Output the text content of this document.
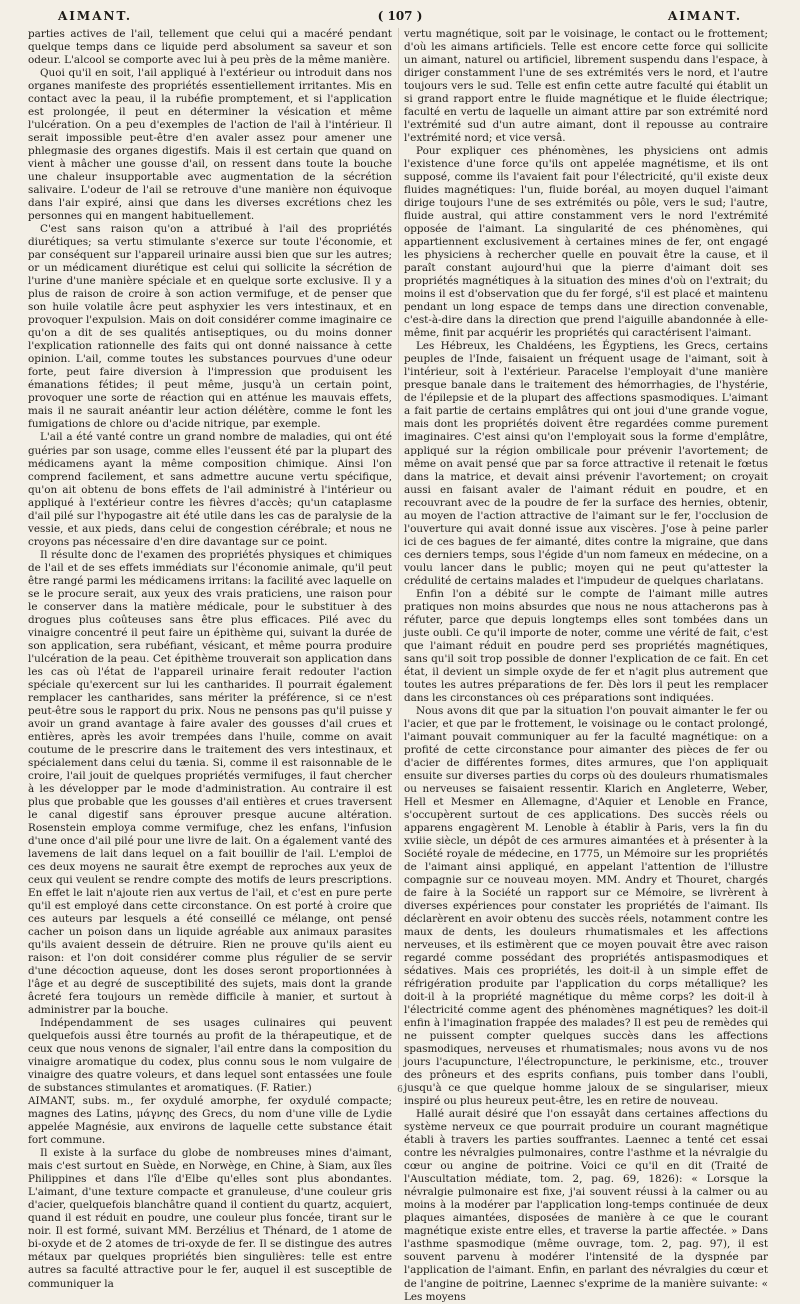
AIMANT.	( 107 )	AIMANT.

parties actives de l'ail, tellement que celui qui a macéré pendant quelque temps dans ce liquide perd absolument sa saveur et son odeur. L'alcool se comporte avec lui à peu près de la même manière.

Quoi qu'il en soit, l'ail appliqué à l'extérieur ou introduit dans nos organes manifeste des propriétés essentiellement irritantes. Mis en contact avec la peau, il la rubéfie promptement, et si l'application est prolongée, il peut en déterminer la vésication et même l'ulcération. On a peu d'exemples de l'action de l'ail à l'intérieur. Il serait impossible peut-être d'en avaler assez pour amener une phlegmasie des organes digestifs. Mais il est certain que quand on vient à mâcher une gousse d'ail, on ressent dans toute la bouche une chaleur insupportable avec augmentation de la sécrétion salivaire. L'odeur de l'ail se retrouve d'une manière non équivoque dans l'air expiré, ainsi que dans les diverses excrétions chez les personnes qui en mangent habituellement.

C'est sans raison qu'on a attribué à l'ail des propriétés diurétiques; sa vertu stimulante s'exerce sur toute l'économie, et par conséquent sur l'appareil urinaire aussi bien que sur les autres; or un médicament diurétique est celui qui sollicite la sécrétion de l'urine d'une manière spéciale et en quelque sorte exclusive. Il y a plus de raison de croire à son action vermifuge, et de penser que son huile volatile âcre peut asphyxier les vers intestinaux, et en provoquer l'expulsion. Mais on doit considérer comme imaginaire ce qu'on a dit de ses qualités antiseptiques, ou du moins donner l'explication rationnelle des faits qui ont donné naissance à cette opinion. L'ail, comme toutes les substances pourvues d'une odeur forte, peut faire diversion à l'impression que produisent les émanations fétides; il peut même, jusqu'à un certain point, provoquer une sorte de réaction qui en atténue les mauvais effets, mais il ne saurait anéantir leur action délétère, comme le font les fumigations de chlore ou d'acide nitrique, par exemple.

L'ail a été vanté contre un grand nombre de maladies, qui ont été guéries par son usage, comme elles l'eussent été par la plupart des médicamens ayant la même composition chimique. Ainsi l'on comprend facilement, et sans admettre aucune vertu spécifique, qu'on ait obtenu de bons effets de l'ail administré à l'intérieur ou appliqué à l'extérieur contre les fièvres d'accès; qu'un cataplasme d'ail pilé sur l'hypogastre ait été utile dans les cas de paralysie de la vessie, et aux pieds, dans celui de congestion cérébrale; et nous ne croyons pas nécessaire d'en dire davantage sur ce point.

Il résulte donc de l'examen des propriétés physiques et chimiques de l'ail et de ses effets immédiats sur l'économie animale, qu'il peut être rangé parmi les médicamens irritans: la facilité avec laquelle on se le procure serait, aux yeux des vrais praticiens, une raison pour le conserver dans la matière médicale, pour le substituer à des drogues plus coûteuses sans être plus efficaces. Pilé avec du vinaigre concentré il peut faire un épithème qui, suivant la durée de son application, sera rubéfiant, vésicant, et même pourra produire l'ulcération de la peau. Cet épithème trouverait son application dans les cas où l'état de l'appareil urinaire ferait redouter l'action spéciale qu'exercent sur lui les cantharides. Il pourrait également remplacer les cantharides, sans mériter la préférence, si ce n'est peut-être sous le rapport du prix. Nous ne pensons pas qu'il puisse y avoir un grand avantage à faire avaler des gousses d'ail crues et entières, après les avoir trempées dans l'huile, comme on avait coutume de le prescrire dans le traitement des vers intestinaux, et spécialement dans celui du tænia. Si, comme il est raisonnable de le croire, l'ail jouit de quelques propriétés vermifuges, il faut chercher à les développer par le mode d'administration. Au contraire il est plus que probable que les gousses d'ail entières et crues traversent le canal digestif sans éprouver presque aucune altération. Rosenstein employa comme vermifuge, chez les enfans, l'infusion d'une once d'ail pilé pour une livre de lait. On a également vanté des lavemens de lait dans lequel on a fait bouillir de l'ail. L'emploi de ces deux moyens ne saurait être exempt de reproches aux yeux de ceux qui veulent se rendre compte des motifs de leurs prescriptions. En effet le lait n'ajoute rien aux vertus de l'ail, et c'est en pure perte qu'il est employé dans cette circonstance. On est porté à croire que ces auteurs par lesquels a été conseillé ce mélange, ont pensé cacher un poison dans un liquide agréable aux animaux parasites qu'ils avaient dessein de détruire. Rien ne prouve qu'ils aient eu raison: et l'on doit considérer comme plus régulier de se servir d'une décoction aqueuse, dont les doses seront proportionnées à l'âge et au degré de susceptibilité des sujets, mais dont la grande âcreté fera toujours un remède difficile à manier, et surtout à administrer par la bouche.

Indépendamment de ses usages culinaires qui peuvent quelquefois aussi être tournés au profit de la thérapeutique, et de ceux que nous venons de signaler, l'ail entre dans la composition du vinaigre aromatique du codex, plus connu sous le nom vulgaire de vinaigre des quatre voleurs, et dans lequel sont entassées une foule de substances stimulantes et aromatiques. (F. Ratier.)

AIMANT, subs. m., fer oxydulé amorphe, fer oxydulé compacte; magnes des Latins, μάγνης des Grecs, du nom d'une ville de Lydie appelée Magnésie, aux environs de laquelle cette substance était fort commune.

Il existe à la surface du globe de nombreuses mines d'aimant, mais c'est surtout en Suède, en Norwège, en Chine, à Siam, aux îles Philippines et dans l'île d'Elbe qu'elles sont plus abondantes. L'aimant, d'une texture compacte et granuleuse, d'une couleur gris d'acier, quelquefois blanchâtre quand il contient du quartz, acquiert, quand il est réduit en poudre, une couleur plus foncée, tirant sur le noir. Il est formé, suivant MM. Berzélius et Thénard, de 1 atome de bi-oxyde et de 2 atomes de tri-oxyde de fer. Il se distingue des autres métaux par quelques propriétés bien singulières: telle est entre autres sa faculté attractive pour le fer, auquel il est susceptible de communiquer la

vertu magnétique, soit par le voisinage, le contact ou le frottement; d'où les aimans artificiels. Telle est encore cette force qui sollicite un aimant, naturel ou artificiel, librement suspendu dans l'espace, à diriger constamment l'une de ses extrémités vers le nord, et l'autre toujours vers le sud. Telle est enfin cette autre faculté qui établit un si grand rapport entre le fluide magnétique et le fluide électrique; faculté en vertu de laquelle un aimant attire par son extrémité nord l'extrémité sud d'un autre aimant, dont il repousse au contraire l'extrémité nord; et vice versâ.

Pour expliquer ces phénomènes, les physiciens ont admis l'existence d'une force qu'ils ont appelée magnétisme, et ils ont supposé, comme ils l'avaient fait pour l'électricité, qu'il existe deux fluides magnétiques: l'un, fluide boréal, au moyen duquel l'aimant dirige toujours l'une de ses extrémités ou pôle, vers le sud; l'autre, fluide austral, qui attire constamment vers le nord l'extrémité opposée de l'aimant. La singularité de ces phénomènes, qui appartiennent exclusivement à certaines mines de fer, ont engagé les physiciens à rechercher quelle en pouvait être la cause, et il paraît constant aujourd'hui que la pierre d'aimant doit ses propriétés magnétiques à la situation des mines d'où on l'extrait; du moins il est d'observation que du fer forgé, s'il est placé et maintenu pendant un long espace de temps dans une direction convenable, c'est-à-dire dans la direction que prend l'aiguille abandonnée à elle-même, finit par acquérir les propriétés qui caractérisent l'aimant.

Les Hébreux, les Chaldéens, les Égyptiens, les Grecs, certains peuples de l'Inde, faisaient un fréquent usage de l'aimant, soit à l'intérieur, soit à l'extérieur. Paracelse l'employait d'une manière presque banale dans le traitement des hémorrhagies, de l'hystérie, de l'épilepsie et de la plupart des affections spasmodiques. L'aimant a fait partie de certains emplâtres qui ont joui d'une grande vogue, mais dont les propriétés doivent être regardées comme purement imaginaires. C'est ainsi qu'on l'employait sous la forme d'emplâtre, appliqué sur la région ombilicale pour prévenir l'avortement; de même on avait pensé que par sa force attractive il retenait le fœtus dans la matrice, et devait ainsi prévenir l'avortement; on croyait aussi en faisant avaler de l'aimant réduit en poudre, et en recouvrant avec de la poudre de fer la surface des hernies, obtenir, au moyen de l'action attractive de l'aimant sur le fer, l'occlusion de l'ouverture qui avait donné issue aux viscères. J'ose à peine parler ici de ces bagues de fer aimanté, dites contre la migraine, que dans ces derniers temps, sous l'égide d'un nom fameux en médecine, on a voulu lancer dans le public; moyen qui ne peut qu'attester la crédulité de certains malades et l'impudeur de quelques charlatans.

Enfin l'on a débité sur le compte de l'aimant mille autres pratiques non moins absurdes que nous ne nous attacherons pas à réfuter, parce que depuis longtemps elles sont tombées dans un juste oubli. Ce qu'il importe de noter, comme une vérité de fait, c'est que l'aimant réduit en poudre perd ses propriétés magnétiques, sans qu'il soit trop possible de donner l'explication de ce fait. En cet état, il devient un simple oxyde de fer et n'agit plus autrement que toutes les autres préparations de fer. Dès lors il peut les remplacer dans les circonstances où ces préparations sont indiquées.

Nous avons dit que par la situation l'on pouvait aimanter le fer ou l'acier, et que par le frottement, le voisinage ou le contact prolongé, l'aimant pouvait communiquer au fer la faculté magnétique: on a profité de cette circonstance pour aimanter des pièces de fer ou d'acier de différentes formes, dites armures, que l'on appliquait ensuite sur diverses parties du corps où des douleurs rhumatismales ou nerveuses se faisaient ressentir. Klarich en Angleterre, Weber, Hell et Mesmer en Allemagne, d'Aquier et Lenoble en France, s'occupèrent surtout de ces applications. Des succès réels ou apparens engagèrent M. Lenoble à établir à Paris, vers la fin du xviiie siècle, un dépôt de ces armures aimantées et à présenter à la Société royale de médecine, en 1775, un Mémoire sur les propriétés de l'aimant ainsi appliqué, en appelant l'attention de l'illustre compagnie sur ce nouveau moyen. MM. Andry et Thouret, chargés de faire à la Société un rapport sur ce Mémoire, se livrèrent à diverses expériences pour constater les propriétés de l'aimant. Ils déclarèrent en avoir obtenu des succès réels, notamment contre les maux de dents, les douleurs rhumatismales et les affections nerveuses, et ils estimèrent que ce moyen pouvait être avec raison regardé comme possédant des propriétés antispasmodiques et sédatives. Mais ces propriétés, les doit-il à un simple effet de réfrigération produite par l'application du corps métallique? les doit-il à la propriété magnétique du même corps? les doit-il à l'électricité comme agent des phénomènes magnétiques? les doit-il enfin à l'imagination frappée des malades? Il est peu de remèdes qui ne puissent compter quelques succès dans les affections spasmodiques, nerveuses et rhumatismales; nous avons vu de nos jours l'acupuncture, l'électropuncture, le perkinisme, etc., trouver des prôneurs et des esprits confians, puis tomber dans l'oubli, jusqu'à ce que quelque homme jaloux de se singulariser, mieux inspiré ou plus heureux peut-être, les en retire de nouveau.

Hallé aurait désiré que l'on essayât dans certaines affections du système nerveux ce que pourrait produire un courant magnétique établi à travers les parties souffrantes. Laennec a tenté cet essai contre les névralgies pulmonaires, contre l'asthme et la névralgie du cœur ou angine de poitrine. Voici ce qu'il en dit (Traité de l'Auscultation médiate, tom. 2, pag. 69, 1826): « Lorsque la névralgie pulmonaire est fixe, j'ai souvent réussi à la calmer ou au moins à la modérer par l'application long-temps continuée de deux plaques aimantées, disposées de manière à ce que le courant magnétique existe entre elles, et traverse la partie affectée. » Dans l'asthme spasmodique (même ouvrage, tom. 2, pag. 97), il est souvent parvenu à modérer l'intensité de la dyspnée par l'application de l'aimant. Enfin, en parlant des névralgies du cœur et de l'angine de poitrine, Laennec s'exprime de la manière suivante: « Les moyens

6
